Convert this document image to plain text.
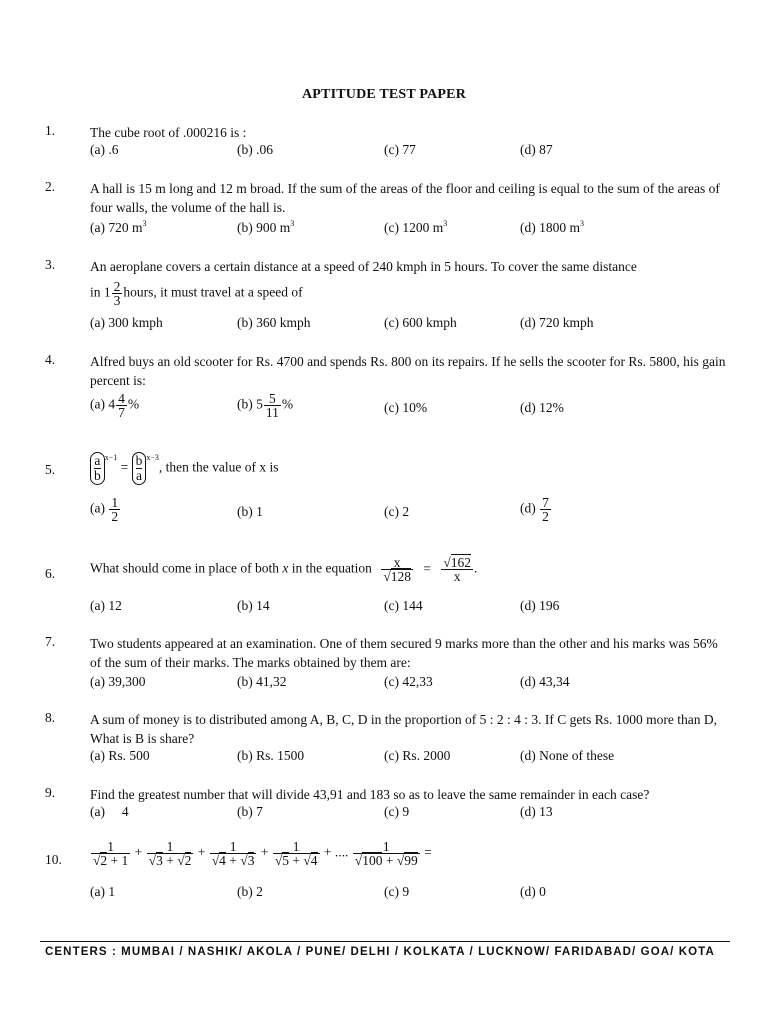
APTITUDE TEST PAPER
1.	The cube root of .000216 is :
(a) .6	(b) .06	(c) 77	(d) 87
2.	A hall is 15 m long and 12 m broad. If the sum of the areas of the floor and ceiling is equal to the sum of the areas of four walls, the volume of the hall is.
(a) 720 $m^3$	(b) 900 $m^3$	(c) 1200 $m^3$	(d) 1800 $m^3$
3.	An aeroplane covers a certain distance at a speed of 240 kmph in 5 hours. To cover the same distance
in $1 \frac{2}{3}$ hours, it must travel at a speed of
(a) 300 kmph	(b) 360 kmph	(c) 600 kmph	(d) 720 kmph
4.	Alfred buys an old scooter for Rs. 4700 and spends Rs. 800 on its repairs. If he sells the scooter for Rs. 5800, his gain percent is:
(a) $4 \frac{4}{7}$ %	(b) $5 \frac{5}{11}$ %	(c) 10%	(d) 12%
5.	$\frac{a}{b} ^{x-1} = \frac{b}{a} ^{x-3}$, then the value of x is
$(a) \frac{1}{2}$	(b) 1	(c) 2	$(d) \frac{7}{2}$
6.	What should come in place of both x in the equation $\frac{x}{√128} = \frac{√162}{x}$ .
(a) 12	(b) 14	(c) 144	(d) 196
7.	Two students appeared at an examination. One of them secured 9 marks more than the other and his marks was 56% of the sum of their marks. The marks obtained by them are:
(a) 39,300	(b) 41,32	(c) 42,33	(d) 43,34
8.	A sum of money is to distributed among A, B, C, D in the proportion of 5 : 2 : 4 : 3. If C gets Rs. 1000 more than D, What is B is share?
(a) Rs. 500	(b) Rs. 1500	(c) Rs. 2000	(d) None of these
9.	Find the greatest number that will divide 43,91 and 183 so as to leave the same remainder in each case?
(a)     4	(b) 7	(c) 9	(d) 13
10. $\frac{1}{√2 + 1} + \frac{1}{√3 + √2} + \frac{1}{√4 + √3} + \frac{1}{√5 + √4}$ + .... $\frac{1}{√100 + √99}$ =
(a) 1	(b) 2	(c) 9	(d) 0
CENTERS : MUMBAI / NASHIK/ AKOLA / PUNE/ DELHI / KOLKATA / LUCKNOW/ FARIDABAD/ GOA/ KOTA
